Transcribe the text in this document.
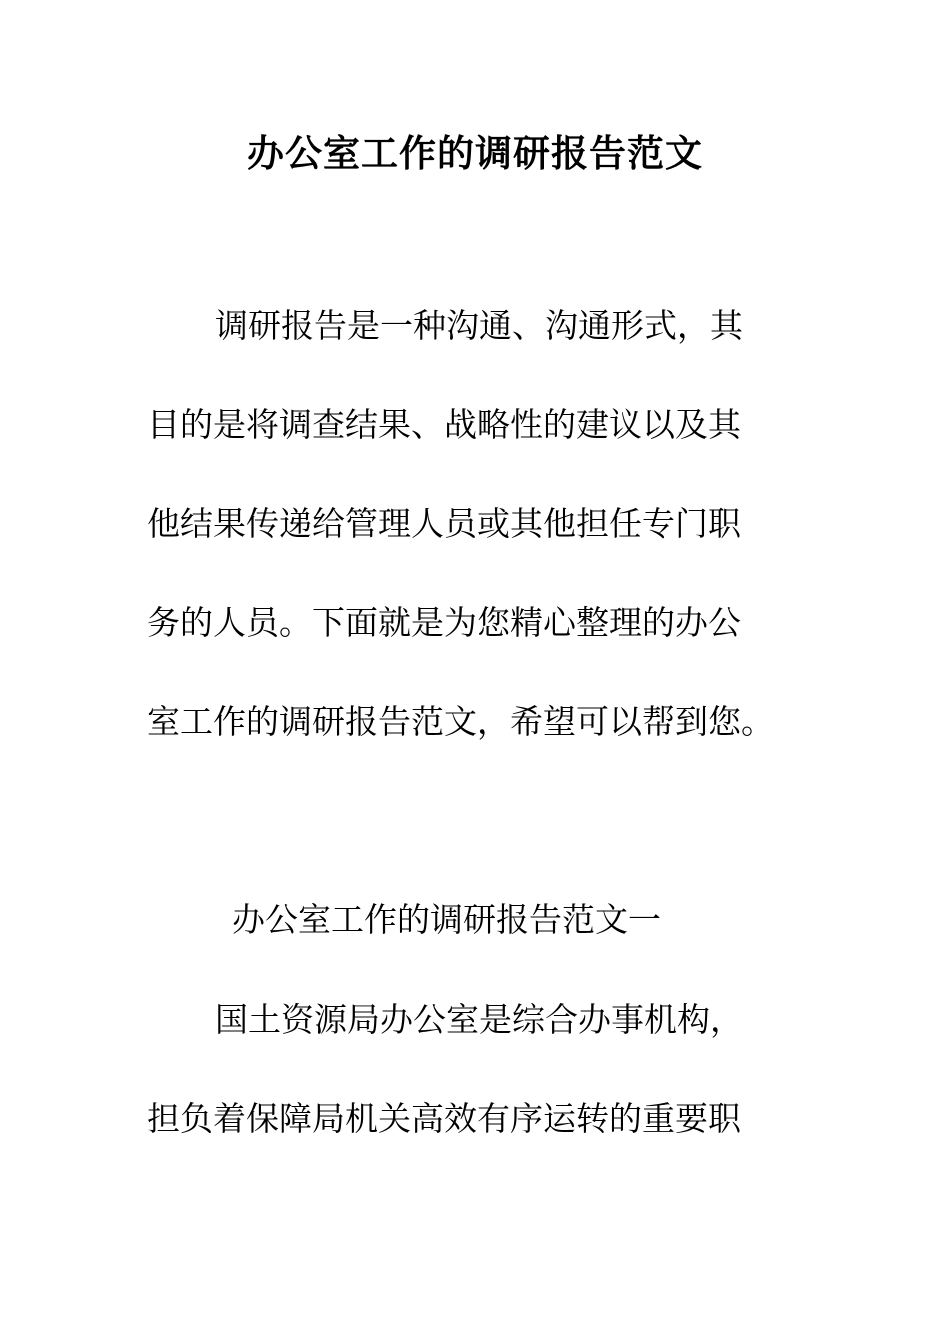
办公室工作的调研报告范文

调研报告是一种沟通、沟通形式，其

目的是将调查结果、战略性的建议以及其

他结果传递给管理人员或其他担任专门职

务的人员。下面就是为您精心整理的办公

室工作的调研报告范文，希望可以帮到您。

办公室工作的调研报告范文一

国土资源局办公室是综合办事机构，

担负着保障局机关高效有序运转的重要职
